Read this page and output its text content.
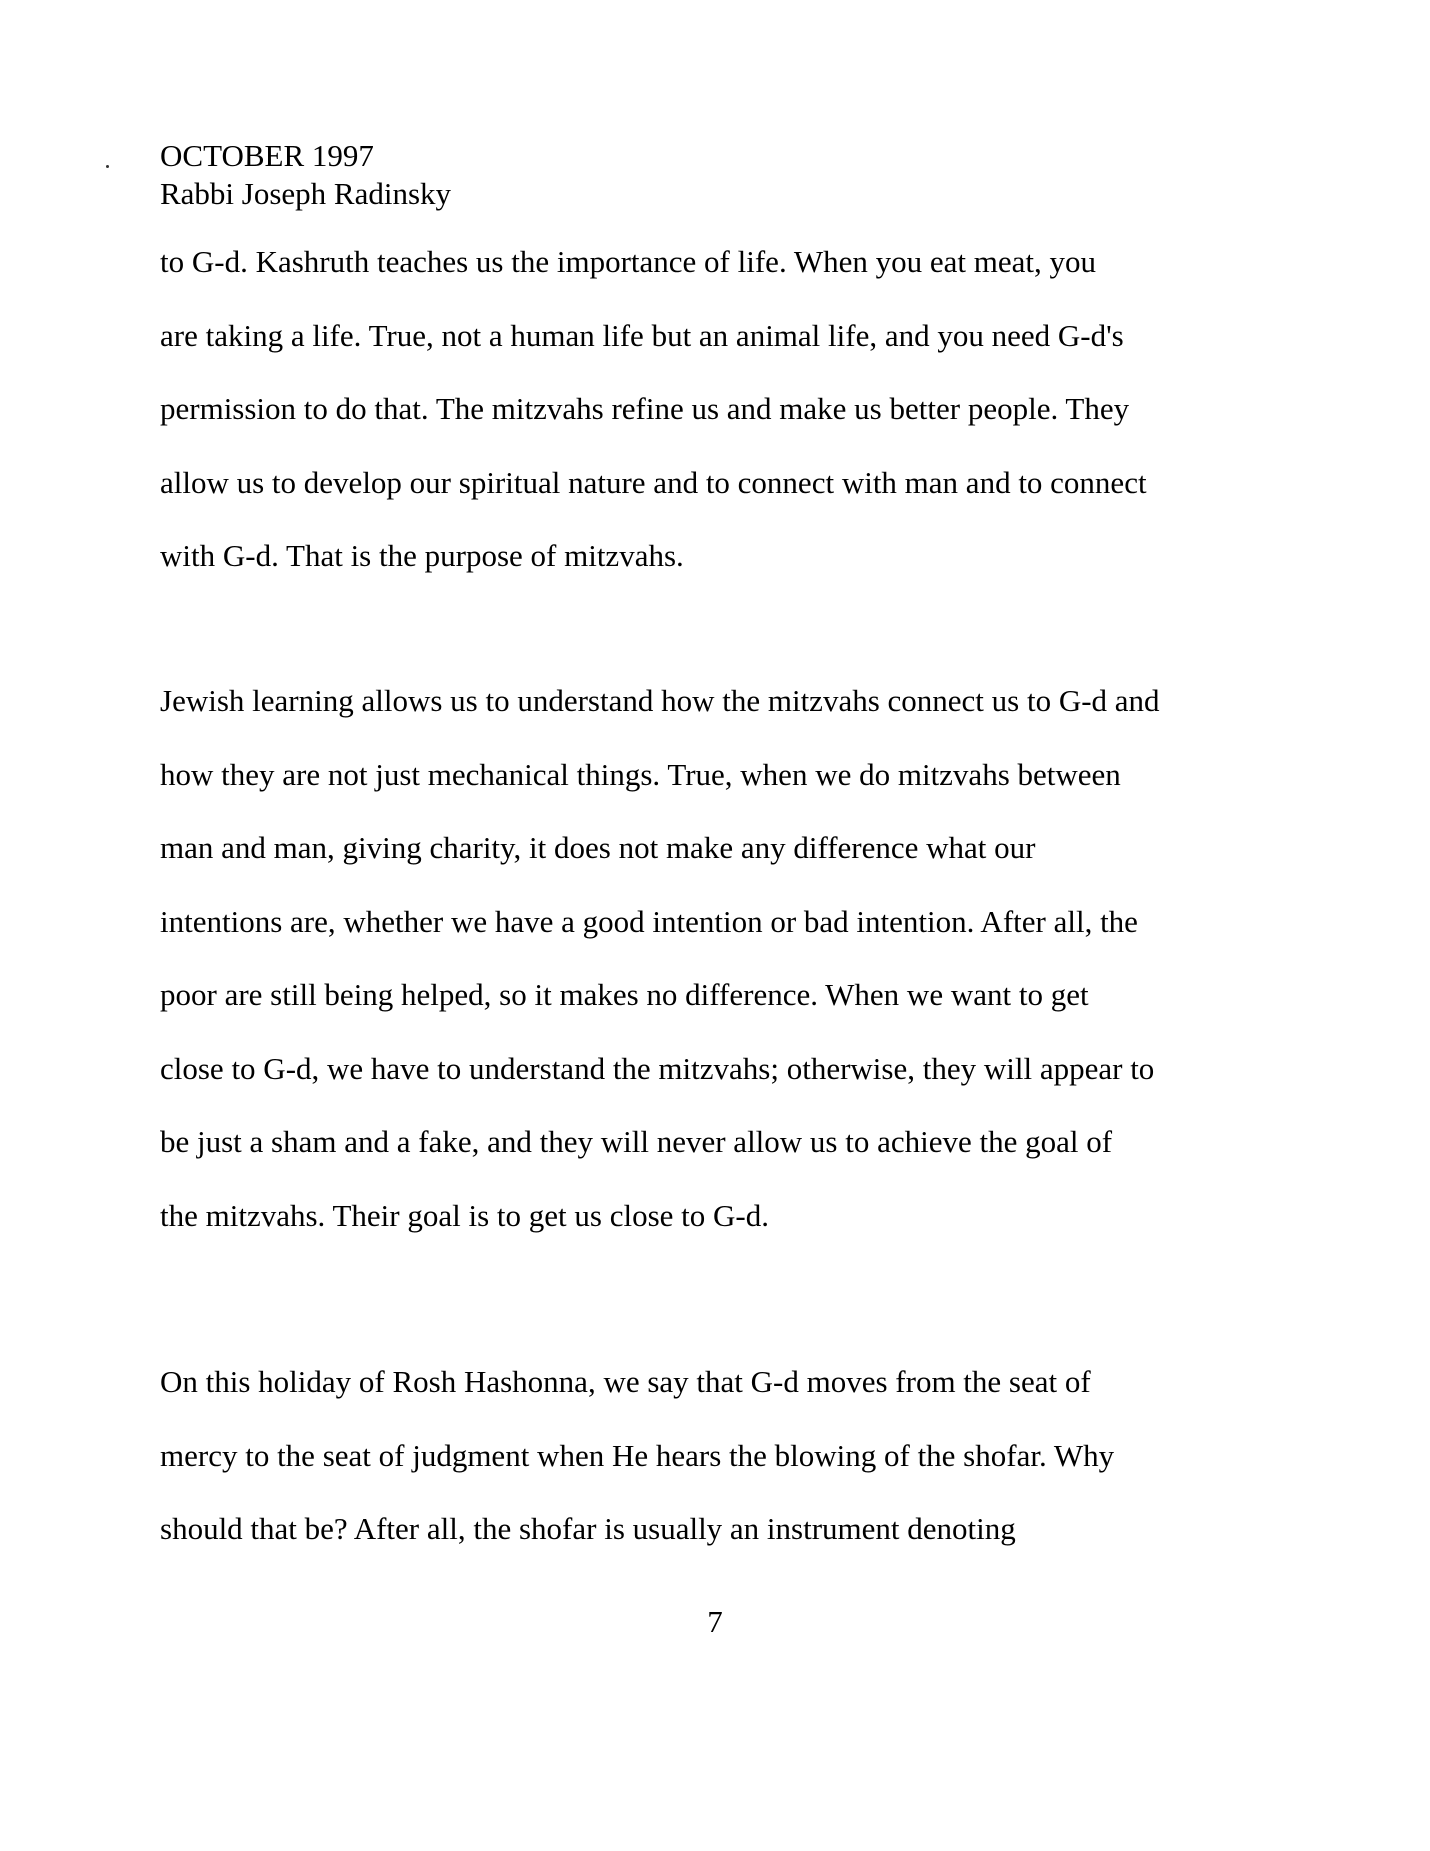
OCTOBER 1997
Rabbi Joseph Radinsky
to G-d. Kashruth teaches us the importance of life. When you eat meat, you
are taking a life. True, not a human life but an animal life, and you need G-d's
permission to do that. The mitzvahs refine us and make us better people. They
allow us to develop our spiritual nature and to connect with man and to connect
with G-d. That is the purpose of mitzvahs.
Jewish learning allows us to understand how the mitzvahs connect us to G-d and
how they are not just mechanical things. True, when we do mitzvahs between
man and man, giving charity, it does not make any difference what our
intentions are, whether we have a good intention or bad intention. After all, the
poor are still being helped, so it makes no difference. When we want to get
close to G-d, we have to understand the mitzvahs; otherwise, they will appear to
be just a sham and a fake, and they will never allow us to achieve the goal of
the mitzvahs. Their goal is to get us close to G-d.
On this holiday of Rosh Hashonna, we say that G-d moves from the seat of
mercy to the seat of judgment when He hears the blowing of the shofar. Why
should that be? After all, the shofar is usually an instrument denoting
7
